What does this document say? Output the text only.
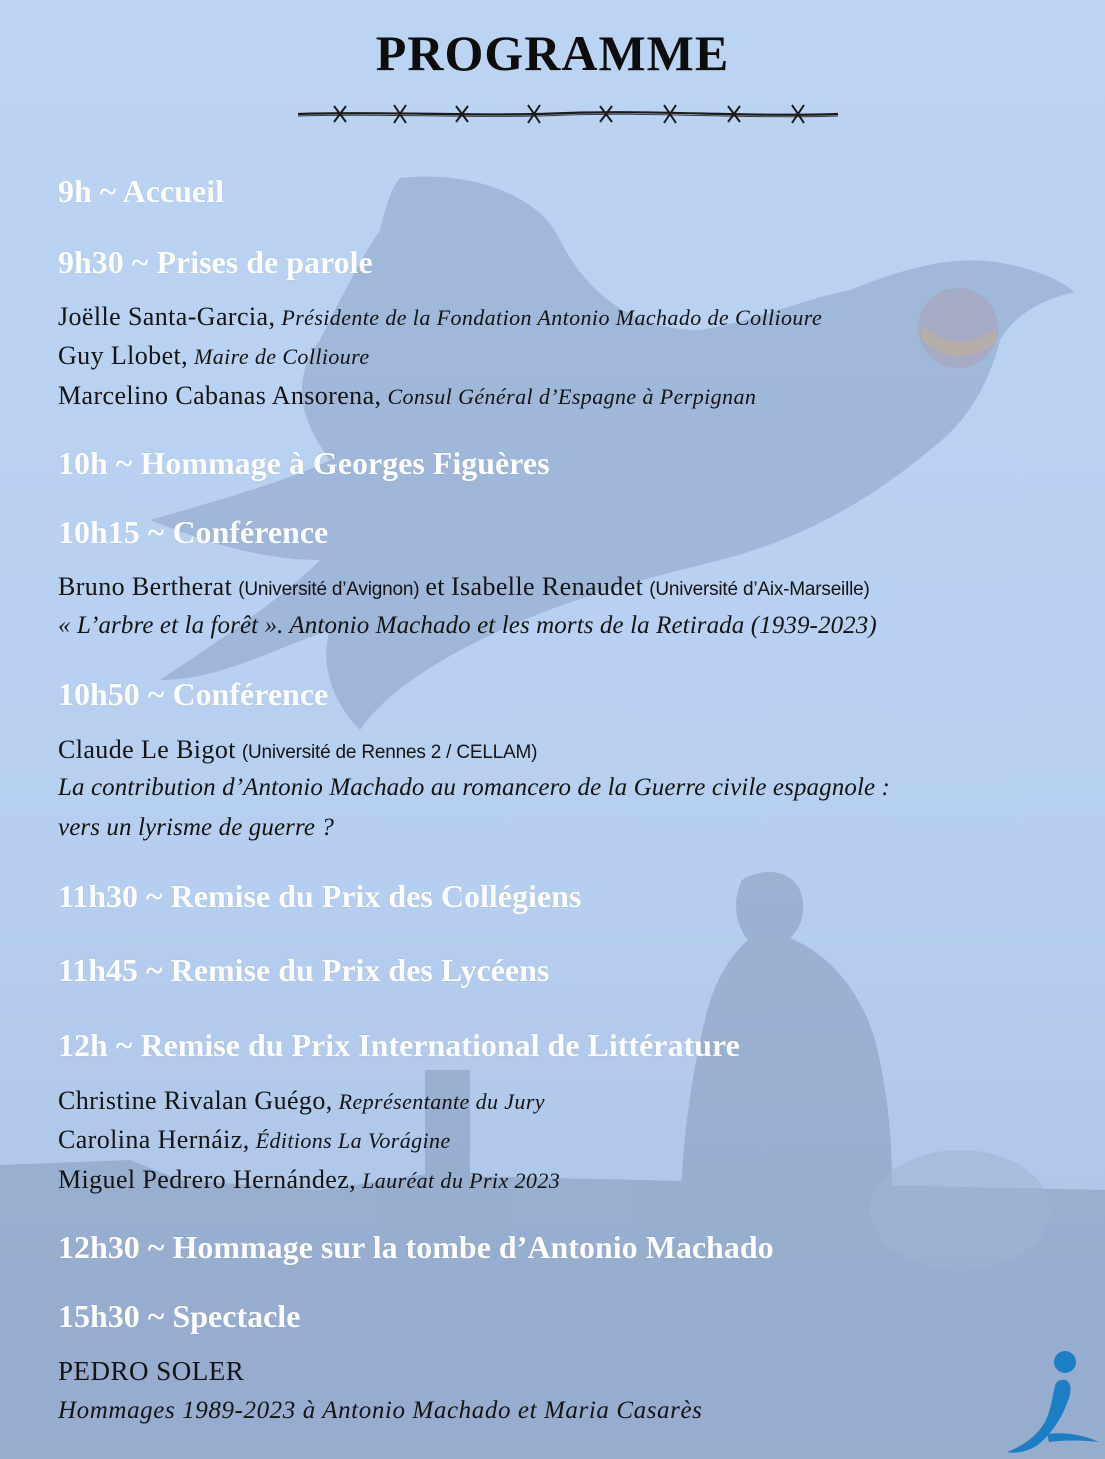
PROGRAMME
9h ~ Accueil
9h30 ~ Prises de parole
Joëlle Santa-Garcia, Présidente de la Fondation Antonio Machado de Collioure
Guy Llobet, Maire de Collioure
Marcelino Cabanas Ansorena, Consul Général d’Espagne à Perpignan
10h ~ Hommage à Georges Figuères
10h15 ~ Conférence
Bruno Bertherat (Université d’Avignon) et Isabelle Renaudet (Université d’Aix-Marseille)
« L’arbre et la forêt ». Antonio Machado et les morts de la Retirada (1939-2023)
10h50 ~ Conférence
Claude Le Bigot (Université de Rennes 2 / CELLAM)
La contribution d’Antonio Machado au romancero de la Guerre civile espagnole :
vers un lyrisme de guerre ?
11h30 ~ Remise du Prix des Collégiens
11h45 ~ Remise du Prix des Lycéens
12h ~ Remise du Prix International de Littérature
Christine Rivalan Guégo, Représentante du Jury
Carolina Hernáiz, Éditions La Vorágine
Miguel Pedrero Hernández, Lauréat du Prix 2023
12h30 ~ Hommage sur la tombe d’Antonio Machado
15h30 ~ Spectacle
PEDRO SOLER
Hommages 1989-2023 à Antonio Machado et Maria Casarès
